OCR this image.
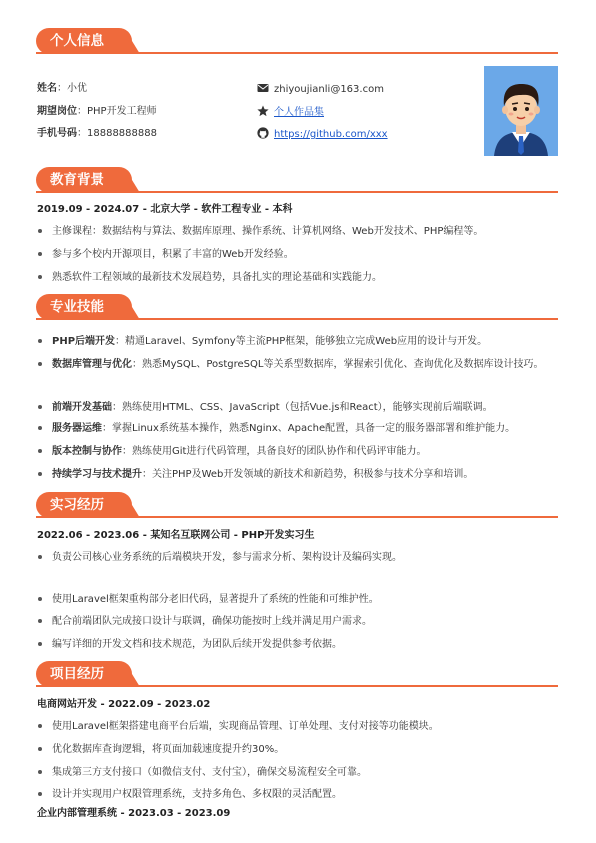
个人信息
姓名：小优
期望岗位：PHP开发工程师
手机号码：18888888888
zhiyoujianli@163.com
个人作品集
https://github.com/xxx
教育背景
2019.09 - 2024.07 - 北京大学 - 软件工程专业 - 本科
主修课程：数据结构与算法、数据库原理、操作系统、计算机网络、Web开发技术、PHP编程等。
参与多个校内开源项目，积累了丰富的Web开发经验。
熟悉软件工程领域的最新技术发展趋势，具备扎实的理论基础和实践能力。
专业技能
PHP后端开发：精通Laravel、Symfony等主流PHP框架，能够独立完成Web应用的设计与开发。
数据库管理与优化：熟悉MySQL、PostgreSQL等关系型数据库，掌握索引优化、查询优化及数据库设计技巧。
前端开发基础：熟练使用HTML、CSS、JavaScript（包括Vue.js和React），能够实现前后端联调。
服务器运维：掌握Linux系统基本操作，熟悉Nginx、Apache配置，具备一定的服务器部署和维护能力。
版本控制与协作：熟练使用Git进行代码管理，具备良好的团队协作和代码评审能力。
持续学习与技术提升：关注PHP及Web开发领域的新技术和新趋势，积极参与技术分享和培训。
实习经历
2022.06 - 2023.06 - 某知名互联网公司 - PHP开发实习生
负责公司核心业务系统的后端模块开发，参与需求分析、架构设计及编码实现。
使用Laravel框架重构部分老旧代码，显著提升了系统的性能和可维护性。
配合前端团队完成接口设计与联调，确保功能按时上线并满足用户需求。
编写详细的开发文档和技术规范，为团队后续开发提供参考依据。
项目经历
电商网站开发 - 2022.09 - 2023.02
使用Laravel框架搭建电商平台后端，实现商品管理、订单处理、支付对接等功能模块。
优化数据库查询逻辑，将页面加载速度提升约30%。
集成第三方支付接口（如微信支付、支付宝），确保交易流程安全可靠。
设计并实现用户权限管理系统，支持多角色、多权限的灵活配置。
企业内部管理系统 - 2023.03 - 2023.09
